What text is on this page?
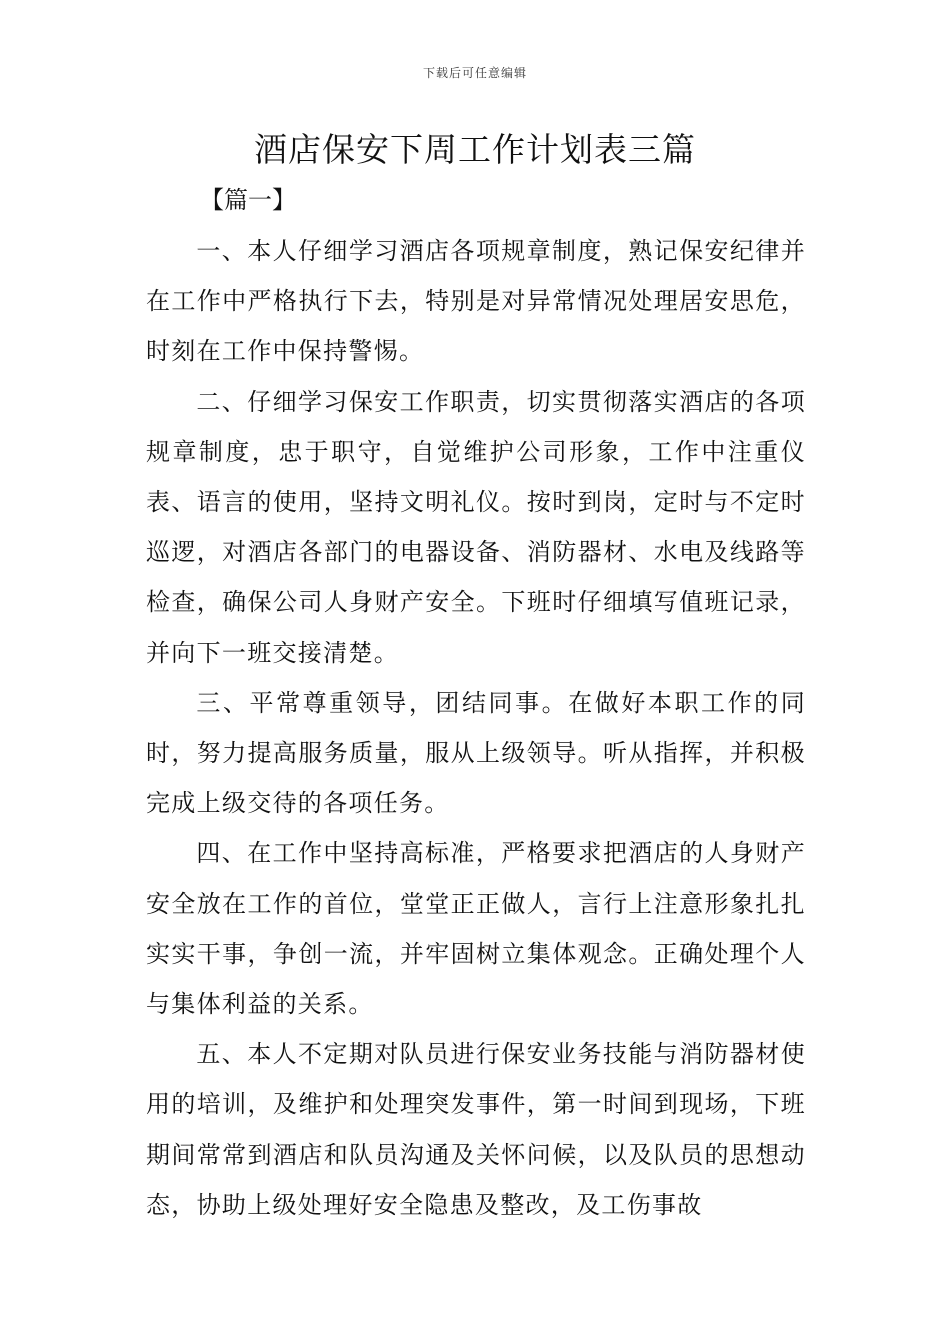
下载后可任意编辑
酒店保安下周工作计划表三篇
【篇一】

一、本人仔细学习酒店各项规章制度，熟记保安纪律并在工作中严格执行下去，特别是对异常情况处理居安思危，时刻在工作中保持警惕。

二、仔细学习保安工作职责，切实贯彻落实酒店的各项规章制度，忠于职守，自觉维护公司形象，工作中注重仪表、语言的使用，坚持文明礼仪。按时到岗，定时与不定时巡逻，对酒店各部门的电器设备、消防器材、水电及线路等检查，确保公司人身财产安全。下班时仔细填写值班记录，并向下一班交接清楚。

三、平常尊重领导，团结同事。在做好本职工作的同时，努力提高服务质量，服从上级领导。听从指挥，并积极完成上级交待的各项任务。

四、在工作中坚持高标准，严格要求把酒店的人身财产安全放在工作的首位，堂堂正正做人，言行上注意形象扎扎实实干事，争创一流，并牢固树立集体观念。正确处理个人与集体利益的关系。

五、本人不定期对队员进行保安业务技能与消防器材使用的培训，及维护和处理突发事件，第一时间到现场，下班期间常常到酒店和队员沟通及关怀问候，以及队员的思想动态，协助上级处理好安全隐患及整改，及工伤事故
